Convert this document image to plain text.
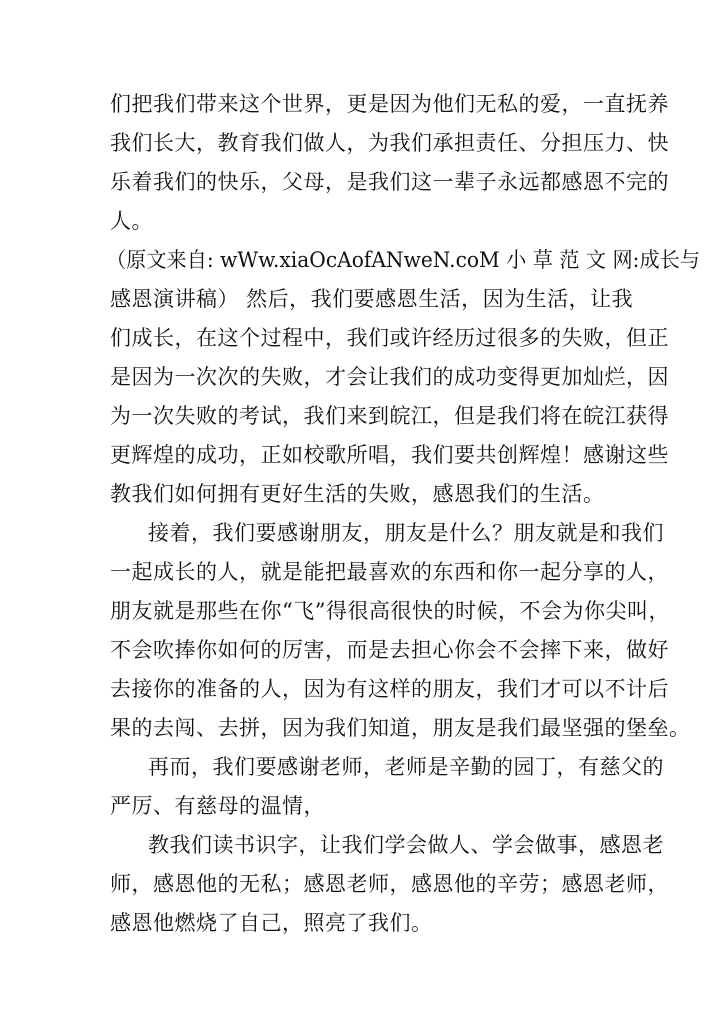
们把我们带来这个世界，更是因为他们无私的爱，一直抚养
我们长大，教育我们做人，为我们承担责任、分担压力、快
乐着我们的快乐，父母，是我们这一辈子永远都感恩不完的
人。
（原文来自: wWw.xiaOcAofANweN.coM 小 草 范 文 网:成长与
感恩演讲稿） 然后，我们要感恩生活，因为生活，让我
们成长，在这个过程中，我们或许经历过很多的失败，但正
是因为一次次的失败，才会让我们的成功变得更加灿烂，因
为一次失败的考试，我们来到皖江，但是我们将在皖江获得
更辉煌的成功，正如校歌所唱，我们要共创辉煌！感谢这些
教我们如何拥有更好生活的失败，感恩我们的生活。
接着，我们要感谢朋友，朋友是什么？朋友就是和我们
一起成长的人，就是能把最喜欢的东西和你一起分享的人，
朋友就是那些在你“飞”得很高很快的时候，不会为你尖叫，
不会吹捧你如何的厉害，而是去担心你会不会摔下来，做好
去接你的准备的人，因为有这样的朋友，我们才可以不计后
果的去闯、去拼，因为我们知道，朋友是我们最坚强的堡垒。
再而，我们要感谢老师，老师是辛勤的园丁，有慈父的
严厉、有慈母的温情，
教我们读书识字，让我们学会做人、学会做事，感恩老
师，感恩他的无私；感恩老师，感恩他的辛劳；感恩老师，
感恩他燃烧了自己，照亮了我们。
